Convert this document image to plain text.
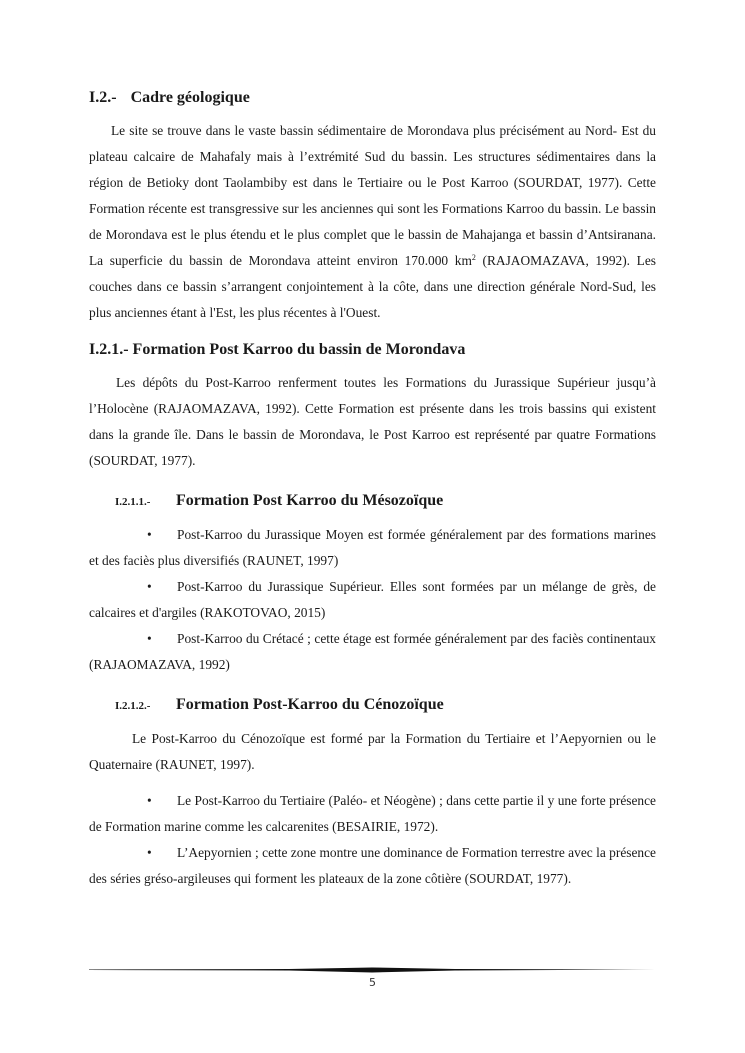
I.2.- Cadre géologique

Le site se trouve dans le vaste bassin sédimentaire de Morondava plus précisément au Nord- Est du plateau calcaire de Mahafaly mais à l’extrémité Sud du bassin. Les structures sédimentaires dans la région de Betioky dont Taolambiby est dans le Tertiaire ou le Post Karroo (SOURDAT, 1977). Cette Formation récente est transgressive sur les anciennes qui sont les Formations Karroo du bassin. Le bassin de Morondava est le plus étendu et le plus complet que le bassin de Mahajanga et bassin d’Antsiranana. La superficie du bassin de Morondava atteint environ 170.000 $km^2$ (RAJAOMAZAVA, 1992). Les couches dans ce bassin s’arrangent conjointement à la côte, dans une direction générale Nord-Sud, les plus anciennes étant à l'Est, les plus récentes à l'Ouest.

I.2.1.- Formation Post Karroo du bassin de Morondava

Les dépôts du Post-Karroo renferment toutes les Formations du Jurassique Supérieur jusqu’à l’Holocène (RAJAOMAZAVA, 1992). Cette Formation est présente dans les trois bassins qui existent dans la grande île. Dans le bassin de Morondava, le Post Karroo est représenté par quatre Formations (SOURDAT, 1977).

I.2.1.1.-	Formation Post Karroo du Mésozoïque

• Post-Karroo du Jurassique Moyen est formée généralement par des formations marines et des faciès plus diversifiés (RAUNET, 1997)

• Post-Karroo du Jurassique Supérieur. Elles sont formées par un mélange de grès, de calcaires et d'argiles (RAKOTOVAO, 2015)

• Post-Karroo du Crétacé ; cette étage est formée généralement par des faciès continentaux (RAJAOMAZAVA, 1992)

I.2.1.2.-	Formation Post-Karroo du Cénozoïque

Le Post-Karroo du Cénozoïque est formé par la Formation du Tertiaire et l’Aepyornien ou le Quaternaire (RAUNET, 1997).

• Le Post-Karroo du Tertiaire (Paléo- et Néogène) ; dans cette partie il y une forte présence de Formation marine comme les calcarenites (BESAIRIE, 1972).

• L’Aepyornien ; cette zone montre une dominance de Formation terrestre avec la présence des séries gréso-argileuses qui forment les plateaux de la zone côtière (SOURDAT, 1977).

5
